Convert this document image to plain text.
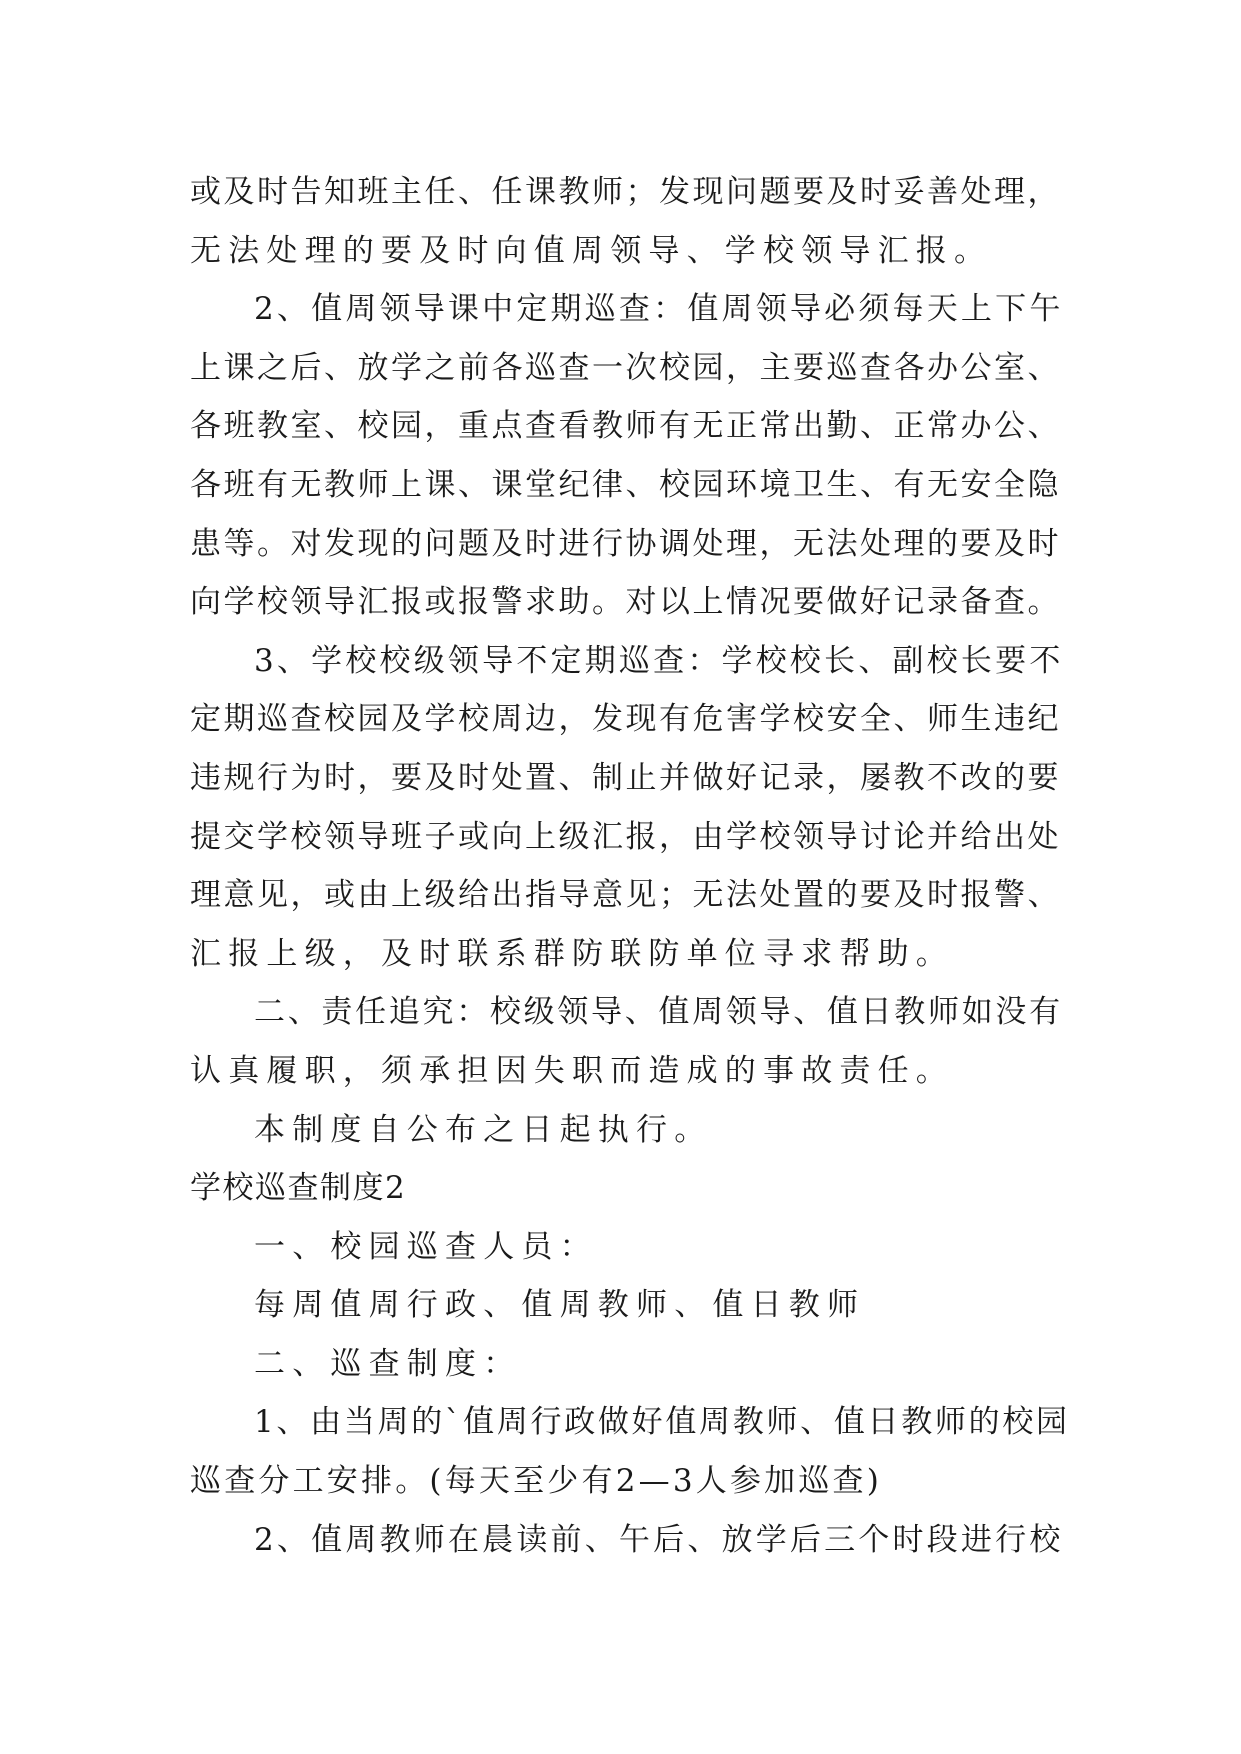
或及时告知班主任、任课教师；发现问题要及时妥善处理，
无法处理的要及时向值周领导、学校领导汇报。
2、值周领导课中定期巡查：值周领导必须每天上下午
上课之后、放学之前各巡查一次校园，主要巡查各办公室、
各班教室、校园，重点查看教师有无正常出勤、正常办公、
各班有无教师上课、课堂纪律、校园环境卫生、有无安全隐
患等。对发现的问题及时进行协调处理，无法处理的要及时
向学校领导汇报或报警求助。对以上情况要做好记录备查。
3、学校校级领导不定期巡查：学校校长、副校长要不
定期巡查校园及学校周边，发现有危害学校安全、师生违纪
违规行为时，要及时处置、制止并做好记录，屡教不改的要
提交学校领导班子或向上级汇报，由学校领导讨论并给出处
理意见，或由上级给出指导意见；无法处置的要及时报警、
汇报上级，及时联系群防联防单位寻求帮助。
二、责任追究：校级领导、值周领导、值日教师如没有
认真履职，须承担因失职而造成的事故责任。
本制度自公布之日起执行。
学校巡查制度2
一、校园巡查人员：
每周值周行政、值周教师、值日教师
二、巡查制度：
1、由当周的`值周行政做好值周教师、值日教师的校园
巡查分工安排。(每天至少有2—3人参加巡查)
2、值周教师在晨读前、午后、放学后三个时段进行校
